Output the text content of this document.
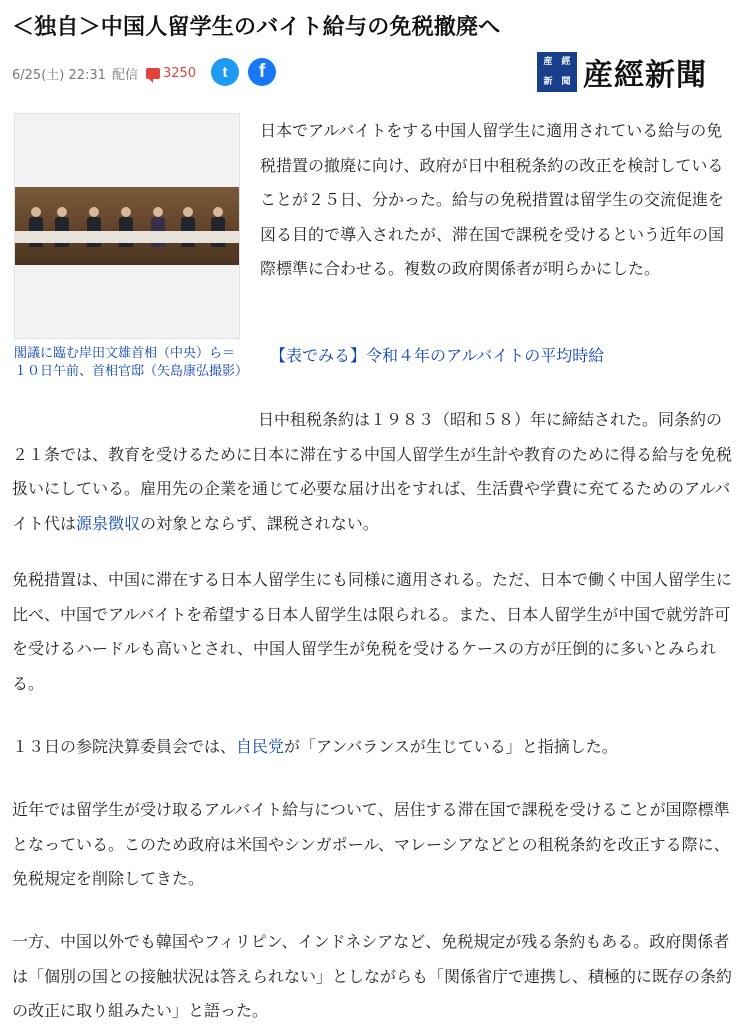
＜独自＞中国人留学生のバイト給与の免税撤廃へ
6/25(土) 22:31 配信 3250 t f	産 經
新 聞 産經新聞

閣議に臨む岸田文雄首相（中央）ら＝１０日午前、首相官邸（矢島康弘撮影）

日本でアルバイトをする中国人留学生に適用されている給与の免税措置の撤廃に向け、政府が日中租税条約の改正を検討していることが２５日、分かった。給与の免税措置は留学生の交流促進を図る目的で導入されたが、滞在国で課税を受けるという近年の国際標準に合わせる。複数の政府関係者が明らかにした。

【表でみる】令和４年のアルバイトの平均時給

日中租税条約は１９８３（昭和５８）年に締結された。同条約の２１条では、教育を受けるために日本に滞在する中国人留学生が生計や教育のために得る給与を免税扱いにしている。雇用先の企業を通じて必要な届け出をすれば、生活費や学費に充てるためのアルバイト代は源泉徴収の対象とならず、課税されない。

免税措置は、中国に滞在する日本人留学生にも同様に適用される。ただ、日本で働く中国人留学生に比べ、中国でアルバイトを希望する日本人留学生は限られる。また、日本人留学生が中国で就労許可を受けるハードルも高いとされ、中国人留学生が免税を受けるケースの方が圧倒的に多いとみられる。

１３日の参院決算委員会では、自民党が「アンバランスが生じている」と指摘した。

近年では留学生が受け取るアルバイト給与について、居住する滞在国で課税を受けることが国際標準となっている。このため政府は米国やシンガポール、マレーシアなどとの租税条約を改正する際に、免税規定を削除してきた。

一方、中国以外でも韓国やフィリピン、インドネシアなど、免税規定が残る条約もある。政府関係者は「個別の国との接触状況は答えられない」としながらも「関係省庁で連携し、積極的に既存の条約の改正に取り組みたい」と語った。
